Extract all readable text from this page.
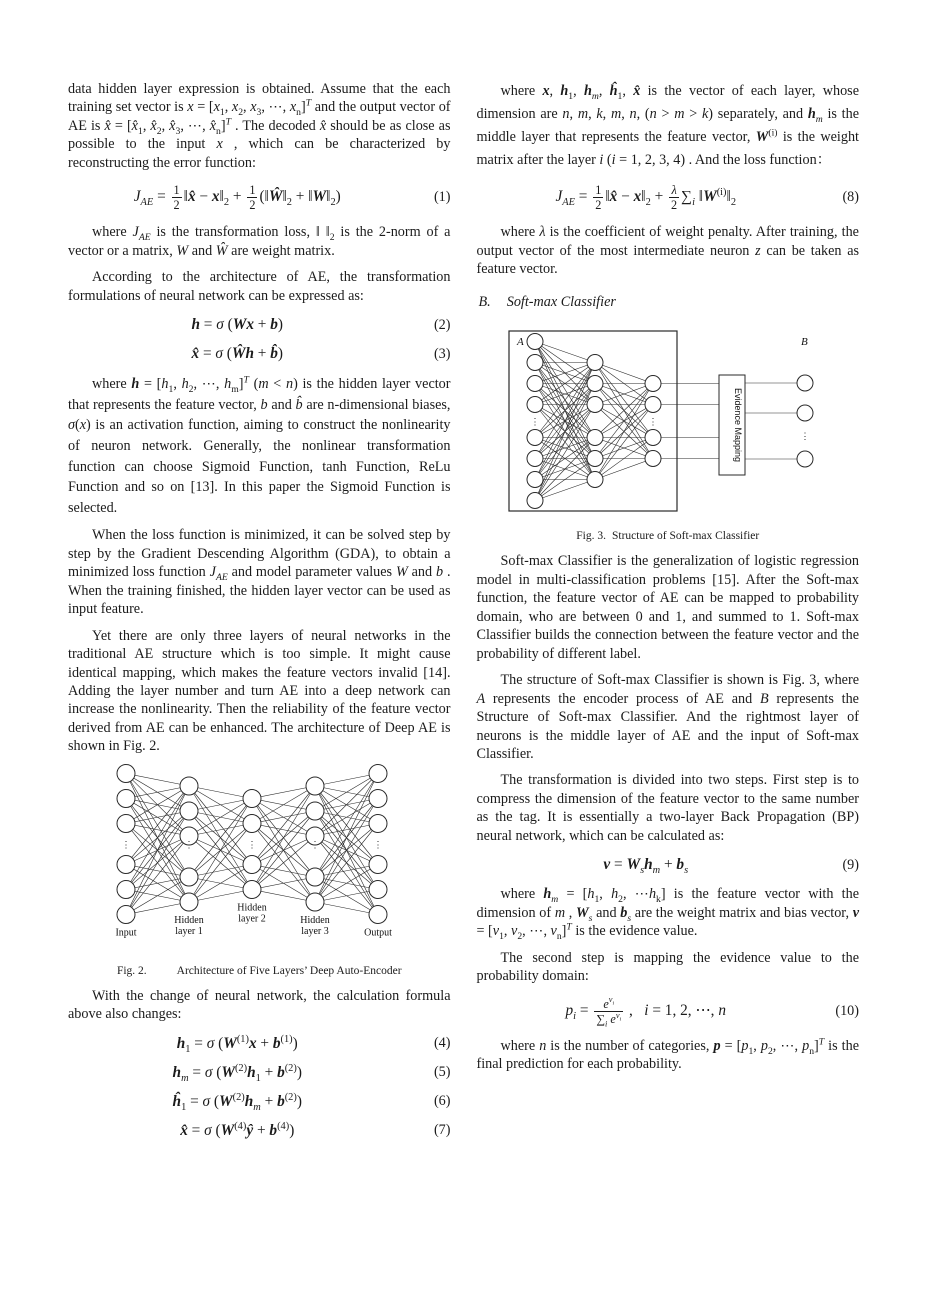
data hidden layer expression is obtained. Assume that the each training set vector is $x = [x_1$, $x_2$, $x_3$, ⋯, $x_n]^T$ and the output vector of AE is x̂ = [$x̂_1$, $x̂_2$, $x̂_3$, ⋯, $x̂_n]^T$ . The decoded x̂ should be as close as possible to the input x , which can be characterized by reconstructing the error function:

$J_{AE} = \frac{1}{2}$ ‖x̂ − $x‖_2 + \frac{1}{2}$ ($‖Ŵ‖_2$ + $‖W‖_2$)	(1)

where $J_{AE}$ is the transformation loss, ‖ $‖_2$ is the 2-norm of a vector or a matrix, W and Ŵ are weight matrix.

According to the architecture of AE, the transformation formulations of neural network can be expressed as:

h = σ (Wx + b)	(2)
x̂ = σ (Ŵh + b̂)	(3)

where $h = [h_1$, $h_2$, ⋯, $h_m]^T$ (m < n) is the hidden layer vector that represents the feature vector, b and b̂ are n-dimensional biases, σ(x) is an activation function, aiming to construct the nonlinearity of neuron network. Generally, the nonlinear transformation function can choose Sigmoid Function, tanh Function, ReLu Function and so on [13]. In this paper the Sigmoid Function is selected.

When the loss function is minimized, it can be solved step by step by the Gradient Descending Algorithm (GDA), to obtain a minimized loss function $J_{AE}$ and model parameter values W and b . When the training finished, the hidden layer vector can be used as input feature.

Yet there are only three layers of neural networks in the traditional AE structure which is too simple. It might cause identical mapping, which makes the feature vectors invalid [14]. Adding the layer number and turn AE into a deep network can increase the nonlinearity. Then the reliability of the feature vector derived from AE can be enhanced. The architecture of Deep AE is shown in Fig. 2.

⋮
Input
⋮
Hidden
layer 1
⋮
Hidden
layer 2
⋮
Hidden
layer 3
⋮
Output
Fig. 2.	Architecture of Five Layers’ Deep Auto-Encoder

With the change of neural network, the calculation formula above also changes:

$h_1 = \sigma$ $(W^{(1)}x + b^{(1)})$	(4)
$h_m = \sigma$ $(W^{(2)}h_1 + b^{(2)})$	(5)
$ĥ_1 = \sigma$ $(W^{(2)}h_m + b^{(2)})$	(6)
x̂ = σ $(W^{(4)}ŷ + b^{(4)})$	(7)

where x, $h_1$, $h_m$, $ĥ_1$, x̂ is the vector of each layer, whose dimension are n, m, k, m, n, (n > m > k) separately, and $h_m$ is the middle layer that represents the feature vector, $W^{(i)}$ is the weight matrix after the layer i (i = 1, 2, 3, 4) . And the loss function：

$J_{AE} = \frac{1}{2}$ ‖x̂ − $x‖_2 + \frac{\lambda}{2} \sum_i$ $‖W^{(i)}‖_2$	(8)

where λ is the coefficient of weight penalty. After training, the output vector of the most intermediate neuron z can be taken as feature vector.

B. Soft-max Classifier
⋮	⋮	Evidence Mapping	⋮
A	B
Fig. 3. Structure of Soft-max Classifier

Soft-max Classifier is the generalization of logistic regression model in multi-classification problems [15]. After the Soft-max function, the feature vector of AE can be mapped to probability domain, who are between 0 and 1, and summed to 1. Soft-max Classifier builds the connection between the feature vector and the probability of different label.

The structure of Soft-max Classifier is shown is Fig. 3, where A represents the encoder process of AE and B represents the Structure of Soft-max Classifier. And the rightmost layer of neurons is the middle layer of AE and the input of Soft-max Classifier.

The transformation is divided into two steps. First step is to compress the dimension of the feature vector to the same number as the tag. It is essentially a two-layer Back Propagation (BP) neural network, which can be calculated as:

$v = W_sh_m + b_s$	(9)

where $h_m = [h_1$, $h_2$, $\cdots h_k$] is the feature vector with the dimension of m , $W_s$ and $b_s$ are the weight matrix and bias vector, $v = [v_1$, $v_2$, ⋯, $v_n]^T$ is the evidence value.

The second step is mapping the evidence value to the probability domain:

$p_i = \frac{e^{v_i}}{\sum_i e^{v_i}}$ ,   i = 1, 2, ⋯, n	(10)

where n is the number of categories, $p = [p_1$, $p_2$, ⋯, $p_n]^T$ is the final prediction for each probability.
